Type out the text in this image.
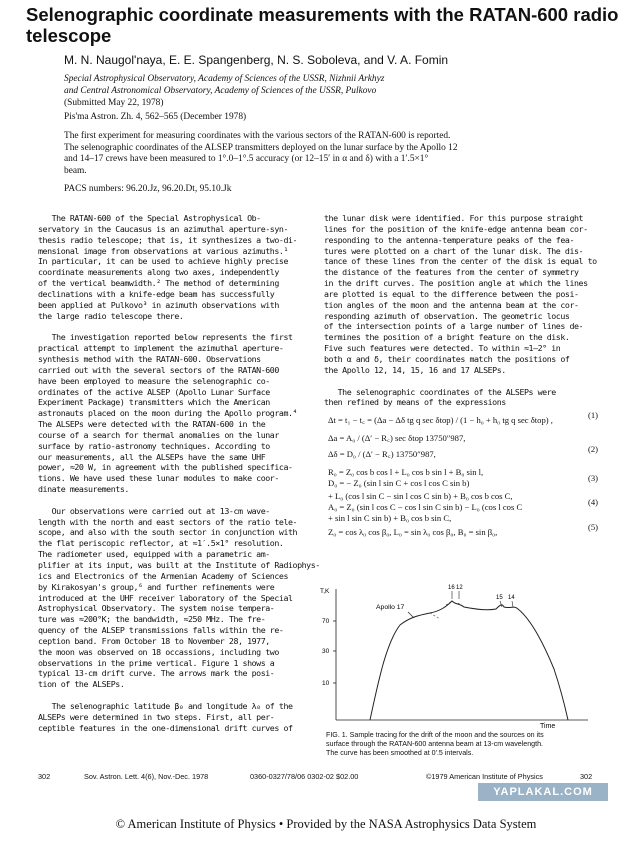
Selenographic coordinate measurements with the RATAN-600 radio
telescope
M. N. Naugol'naya, E. E. Spangenberg, N. S. Soboleva, and V. A. Fomin
Special Astrophysical Observatory, Academy of Sciences of the USSR, Nizhnii Arkhyz
and Central Astronomical Observatory, Academy of Sciences of the USSR, Pulkovo
(Submitted May 22, 1978)
Pis'ma Astron. Zh. 4, 562–565 (December 1978)
The first experiment for measuring coordinates with the various sectors of the RATAN-600 is reported.
The selenographic coordinates of the ALSEP transmitters deployed on the lunar surface by the Apollo 12
and 14–17 crews have been measured to 1°.0–1°.5 accuracy (or 12–15′ in α and δ) with a 1′.5×1°
beam.
PACS numbers: 96.20.Jz, 96.20.Dt, 95.10.Jk
The RATAN-600 of the Special Astrophysical Ob-
servatory in the Caucasus is an azimuthal aperture-syn-
thesis radio telescope; that is, it synthesizes a two-di-
mensional image from observations at various azimuths.¹
In particular, it can be used to achieve highly precise
coordinate measurements along two axes, independently
of the vertical beamwidth.² The method of determining
declinations with a knife-edge beam has successfully
been applied at Pulkovo³ in azimuth observations with
the large radio telescope there.
The investigation reported below represents the first
practical attempt to implement the azimuthal aperture-
synthesis method with the RATAN-600. Observations
carried out with the several sectors of the RATAN-600
have been employed to measure the selenographic co-
ordinates of the active ALSEP (Apollo Lunar Surface
Experiment Package) transmitters which the American
astronauts placed on the moon during the Apollo program.⁴
The ALSEPs were detected with the RATAN-600 in the
course of a search for thermal anomalies on the lunar
surface by ratio-astronomy techniques. According to
our measurements, all the ALSEPs have the same UHF
power, ≈20 W, in agreement with the published specifica-
tions. We have used these lunar modules to make coor-
dinate measurements.
Our observations were carried out at 13-cm wave-
length with the north and east sectors of the ratio tele-
scope, and also with the south sector in conjunction with
the flat periscopic reflector, at ≈1′.5×1° resolution.
The radiometer used, equipped with a parametric am-
plifier at its input, was built at the Institute of Radiophys-
ics and Electronics of the Armenian Academy of Sciences
by Kirakosyan's group,⁶ and further refinements were
introduced at the UHF receiver laboratory of the Special
Astrophysical Observatory. The system noise tempera-
ture was ≈200°K; the bandwidth, ≈250 MHz. The fre-
quency of the ALSEP transmissions falls within the re-
ception band. From October 18 to November 28, 1977,
the moon was observed on 18 occassions, including two
observations in the prime vertical. Figure 1 shows a
typical 13-cm drift curve. The arrows mark the posi-
tion of the ALSEPs.
The selenographic latitude β₀ and longitude λ₀ of the
ALSEPs were determined in two steps. First, all per-
ceptible features in the one-dimensional drift curves of
the lunar disk were identified. For this purpose straight
lines for the position of the knife-edge antenna beam cor-
responding to the antenna-temperature peaks of the fea-
tures were plotted on a chart of the lunar disk. The dis-
tance of these lines from the center of the disk is equal to
the distance of the features from the center of symmetry
in the drift curves. The position angle at which the lines
are plotted is equal to the difference between the posi-
tion angles of the moon and the antenna beam at the cor-
responding azimuth of observation. The geometric locus
of the intersection points of a large number of lines de-
termines the position of a bright feature on the disk.
Five such features were detected. To within ≈1–2° in
both α and δ, their coordinates match the positions of
the Apollo 12, 14, 15, 16 and 17 ALSEPs.
The selenographic coordinates of the ALSEPs were
then refined by means of the expressions
Δt = t₁ − t꜀ = (Δa − Δδ tg q sec δtop) / (1 − h₀ + h₀ tg q sec δtop) ,	(1)
Δa = A₀ / (Δ′ − R꜀) sec δtop 13750″987,
Δδ = D₀ / (Δ′ − R꜀) 13750″987,	(2)
R₀ = Z₀ cos b cos l + L₀ cos b sin l + B₀ sin l,
D₀ = − Z₀ (sin l sin C + cos l cos C sin b)	(3)
+ L₀ (cos l sin C − sin l cos C sin b) + B₀ cos b cos C,
A₀ = Z₀ (sin l cos C − cos l sin C sin b) − L₀ (cos l cos C	(4)
+ sin l sin C sin b) + B₀ cos b sin C,
Z₀ = cos λ₀ cos β₀, L₀ = sin λ₀ cos β₀, B₀ = sin β₀,	(5)
T,K
70
30
10
Apollo 17
16 12
15 14
Time
FIG. 1. Sample tracing for the drift of the moon and the sources on its
surface through the RATAN-600 antenna beam at 13-cm wavelength.
The curve has been smoothed at 0′.5 intervals.
302	Sov. Astron. Lett. 4(6), Nov.-Dec. 1978	0360-0327/78/06 0302-02 $02.00	©1979 American Institute of Physics	302
YAPLAKAL.COM
© American Institute of Physics • Provided by the NASA Astrophysics Data System
